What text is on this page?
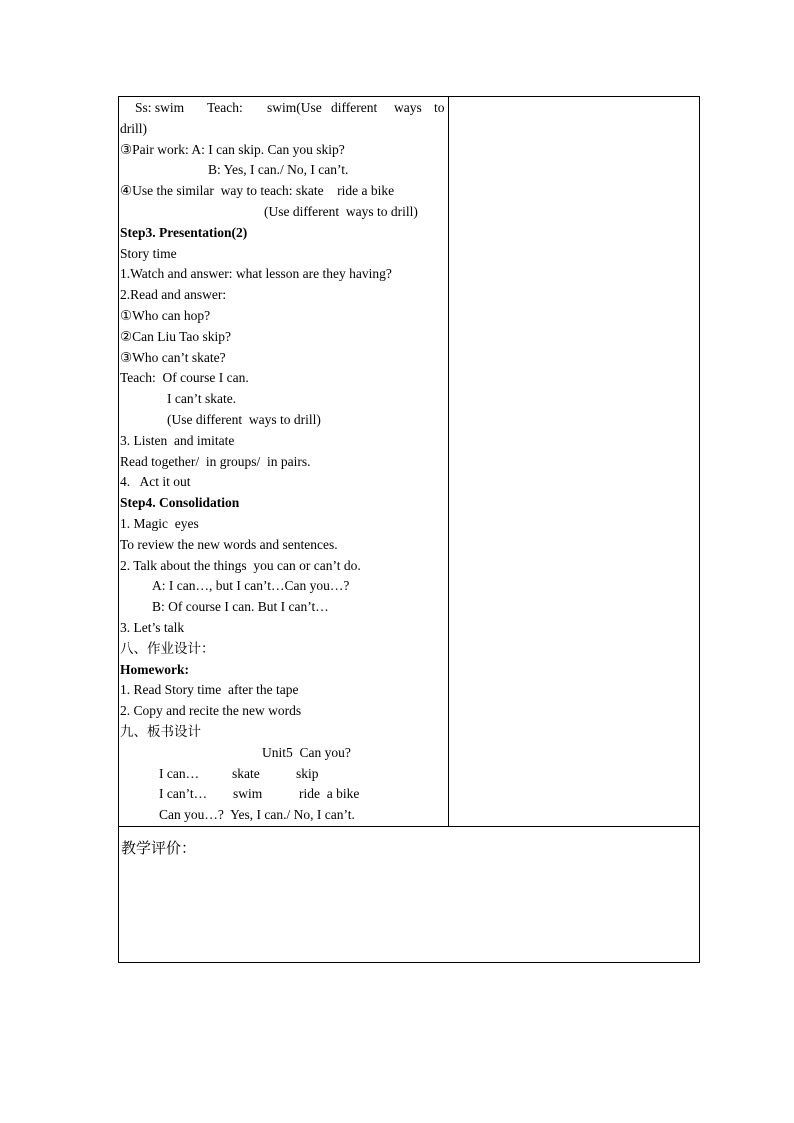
Ss: swim Teach: swim(Use different ways to
drill)
③Pair work: A: I can skip. Can you skip?
B: Yes, I can./ No, I can’t.
④Use the similar  way to teach: skate    ride a bike
(Use different  ways to drill)
Step3. Presentation(2)
Story time
1.Watch and answer: what lesson are they having?
2.Read and answer:
①Who can hop?
②Can Liu Tao skip?
③Who can’t skate?
Teach:  Of course I can.
I can’t skate.
(Use different  ways to drill)
3. Listen  and imitate
Read together/  in groups/  in pairs.
4.   Act it out
Step4. Consolidation
1. Magic  eyes
To review the new words and sentences.
2. Talk about the things  you can or can’t do.
A: I can…, but I can’t…Can you…?
B: Of course I can. But I can’t…
3. Let’s talk
八、作业设计：
Homework:
1. Read Story time  after the tape
2. Copy and recite the new words
九、板书设计
Unit5  Can you?
I can… skate	skip
I can’t… swim	ride  a bike
Can you…?  Yes, I can./ No, I can’t.
教学评价：
